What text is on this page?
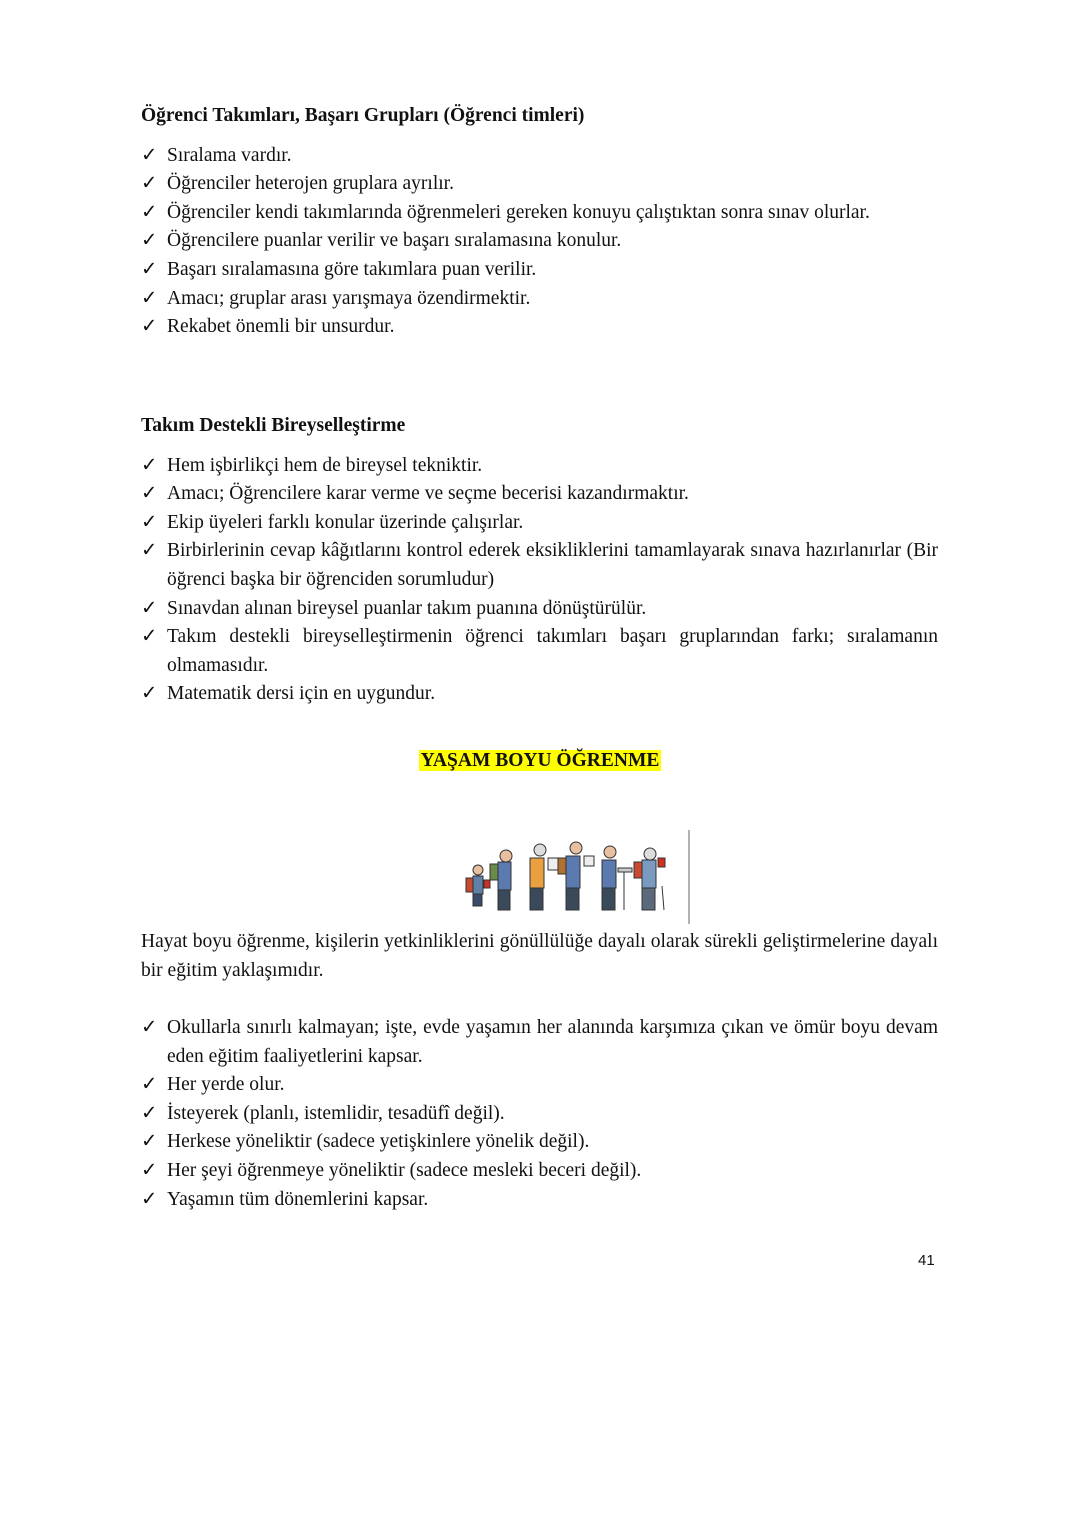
Öğrenci Takımları, Başarı Grupları (Öğrenci timleri)
✓ Sıralama vardır.
✓ Öğrenciler heterojen gruplara ayrılır.
✓ Öğrenciler kendi takımlarında öğrenmeleri gereken konuyu çalıştıktan sonra sınav olurlar.
✓ Öğrencilere puanlar verilir ve başarı sıralamasına konulur.
✓ Başarı sıralamasına göre takımlara puan verilir.
✓ Amacı; gruplar arası yarışmaya özendirmektir.
✓ Rekabet önemli bir unsurdur.
Takım Destekli Bireyselleştirme
✓ Hem işbirlikçi hem de bireysel tekniktir.
✓ Amacı; Öğrencilere karar verme ve seçme becerisi kazandırmaktır.
✓ Ekip üyeleri farklı konular üzerinde çalışırlar.
✓ Birbirlerinin cevap kâğıtlarını kontrol ederek eksikliklerini tamamlayarak sınava hazırlanırlar (Bir öğrenci başka bir öğrenciden sorumludur)
✓ Sınavdan alınan bireysel puanlar takım puanına dönüştürülür.
✓ Takım destekli bireyselleştirmenin öğrenci takımları başarı gruplarından farkı; sıralamanın olmamasıdır.
✓ Matematik dersi için en uygundur.
YAŞAM BOYU ÖĞRENME

Hayat boyu öğrenme, kişilerin yetkinliklerini gönüllülüğe dayalı olarak sürekli geliştirmelerine dayalı bir eğitim yaklaşımıdır.

✓ Okullarla sınırlı kalmayan; işte, evde yaşamın her alanında karşımıza çıkan ve ömür boyu devam eden eğitim faaliyetlerini kapsar.
✓ Her yerde olur.
✓ İsteyerek (planlı, istemlidir, tesadüfî değil).
✓ Herkese yöneliktir (sadece yetişkinlere yönelik değil).
✓ Her şeyi öğrenmeye yöneliktir (sadece mesleki beceri değil).
✓ Yaşamın tüm dönemlerini kapsar.
41
